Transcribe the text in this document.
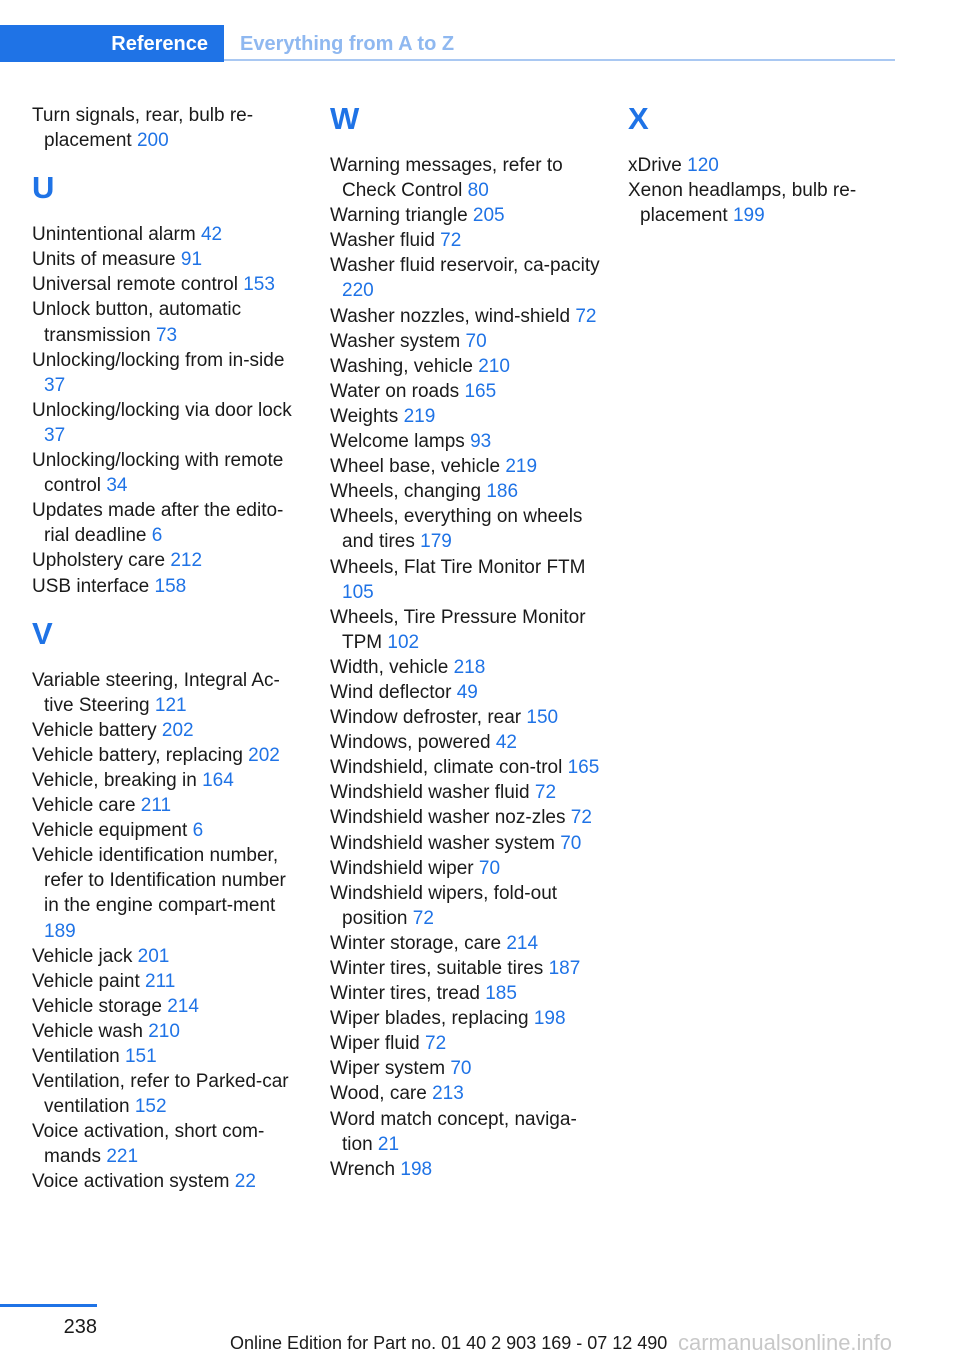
Reference Everything from A to Z
Turn signals, rear, bulb re-placement 200
U
Unintentional alarm 42
Units of measure 91
Universal remote control 153
Unlock button, automatic transmission 73
Unlocking/locking from in-side 37
Unlocking/locking via door lock 37
Unlocking/locking with remote control 34
Updates made after the edito-rial deadline 6
Upholstery care 212
USB interface 158
V
Variable steering, Integral Ac-tive Steering 121
Vehicle battery 202
Vehicle battery, replacing 202
Vehicle, breaking in 164
Vehicle care 211
Vehicle equipment 6
Vehicle identification number, refer to Identification number in the engine compart-ment 189
Vehicle jack 201
Vehicle paint 211
Vehicle storage 214
Vehicle wash 210
Ventilation 151
Ventilation, refer to Parked-car ventilation 152
Voice activation, short com-mands 221
Voice activation system 22
W
Warning messages, refer to Check Control 80
Warning triangle 205
Washer fluid 72
Washer fluid reservoir, ca-pacity 220
Washer nozzles, wind-shield 72
Washer system 70
Washing, vehicle 210
Water on roads 165
Weights 219
Welcome lamps 93
Wheel base, vehicle 219
Wheels, changing 186
Wheels, everything on wheels and tires 179
Wheels, Flat Tire Monitor FTM 105
Wheels, Tire Pressure Monitor TPM 102
Width, vehicle 218
Wind deflector 49
Window defroster, rear 150
Windows, powered 42
Windshield, climate con-trol 165
Windshield washer fluid 72
Windshield washer noz-zles 72
Windshield washer system 70
Windshield wiper 70
Windshield wipers, fold-out position 72
Winter storage, care 214
Winter tires, suitable tires 187
Winter tires, tread 185
Wiper blades, replacing 198
Wiper fluid 72
Wiper system 70
Wood, care 213
Word match concept, naviga-tion 21
Wrench 198
X
xDrive 120
Xenon headlamps, bulb re-placement 199
238
Online Edition for Part no. 01 40 2 903 169 - 07 12 490 carmanualsonline.info
